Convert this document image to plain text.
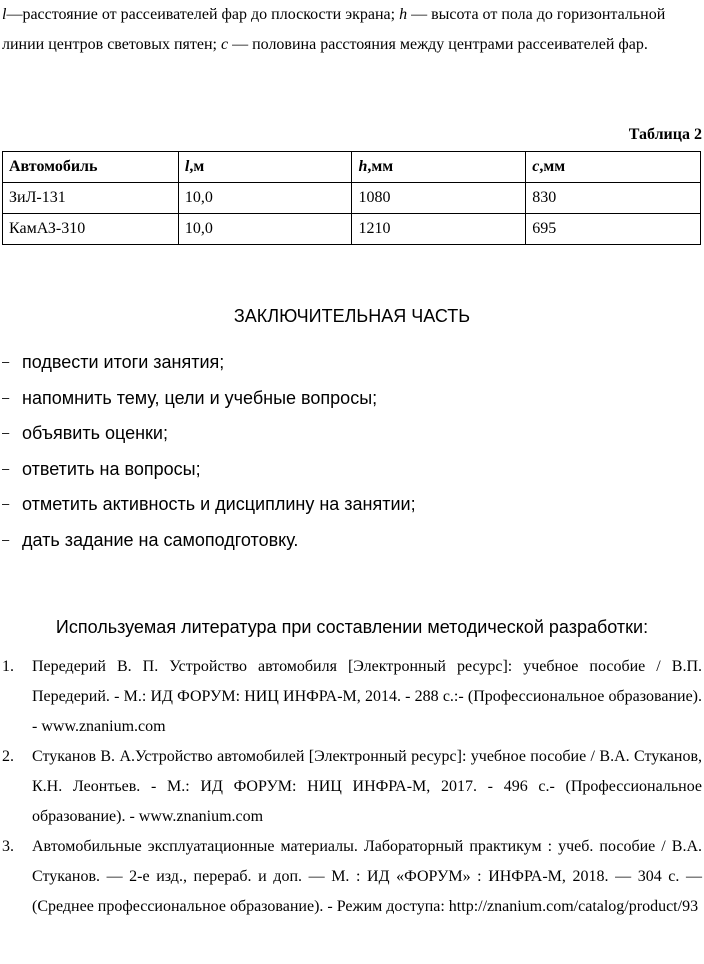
l—расстояние от рассеивателей фар до плоскости экрана; h — высота от пола до горизонтальной линии центров световых пятен; c — половина расстояния между центрами рассеивателей фар.
Таблица 2
Автомобиль	l,м	h,мм	c,мм
ЗиЛ-131	10,0	1080	830
КамАЗ-310	10,0	1210	695
ЗАКЛЮЧИТЕЛЬНАЯ ЧАСТЬ
– подвести итоги занятия;
– напомнить тему, цели и учебные вопросы;
– объявить оценки;
– ответить на вопросы;
– отметить активность и дисциплину на занятии;
– дать задание на самоподготовку.
Используемая литература при составлении методической разработки:
1. Передерий В. П. Устройство автомобиля [Электронный ресурс]: учебное пособие / В.П. Передерий. - М.: ИД ФОРУМ: НИЦ ИНФРА-М, 2014. - 288 с.:- (Профессиональное образование). - www.znanium.com
2. Стуканов В. А.Устройство автомобилей [Электронный ресурс]: учебное пособие / В.А. Стуканов, К.Н. Леонтьев. - М.: ИД ФОРУМ: НИЦ ИНФРА-М, 2017. - 496 с.- (Профессиональное образование). - www.znanium.com
3. Автомобильные эксплуатационные материалы. Лабораторный практикум : учеб. пособие / В.А. Стуканов. — 2-е изд., перераб. и доп. — М. : ИД «ФОРУМ» : ИНФРА-М, 2018. — 304 с. — (Среднее профессиональное образование). - Режим доступа: http://znanium.com/catalog/product/93
